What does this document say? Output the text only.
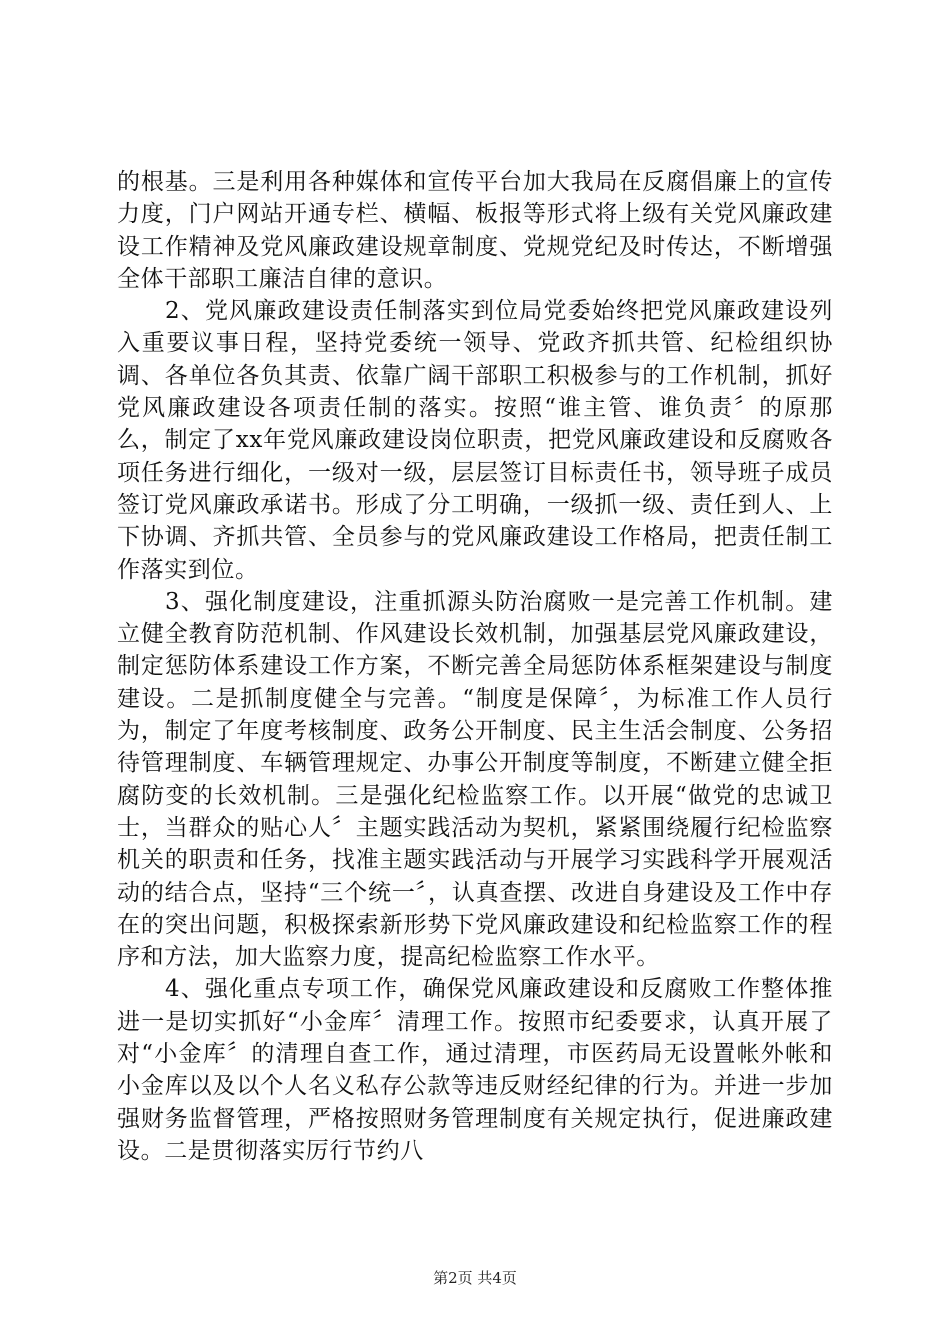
的根基。三是利用各种媒体和宣传平台加大我局在反腐倡廉上的宣传力度，门户网站开通专栏、横幅、板报等形式将上级有关党风廉政建设工作精神及党风廉政建设规章制度、党规党纪及时传达，不断增强全体干部职工廉洁自律的意识。

2、党风廉政建设责任制落实到位局党委始终把党风廉政建设列入重要议事日程，坚持党委统一领导、党政齐抓共管、纪检组织协调、各单位各负其责、依靠广阔干部职工积极参与的工作机制，抓好党风廉政建设各项责任制的落实。按照“谁主管、谁负责〞的原那么，制定了xx年党风廉政建设岗位职责，把党风廉政建设和反腐败各项任务进行细化，一级对一级，层层签订目标责任书，领导班子成员签订党风廉政承诺书。形成了分工明确，一级抓一级、责任到人、上下协调、齐抓共管、全员参与的党风廉政建设工作格局，把责任制工作落实到位。

3、强化制度建设，注重抓源头防治腐败一是完善工作机制。建立健全教育防范机制、作风建设长效机制，加强基层党风廉政建设，制定惩防体系建设工作方案，不断完善全局惩防体系框架建设与制度建设。二是抓制度健全与完善。“制度是保障〞，为标准工作人员行为，制定了年度考核制度、政务公开制度、民主生活会制度、公务招待管理制度、车辆管理规定、办事公开制度等制度，不断建立健全拒腐防变的长效机制。三是强化纪检监察工作。以开展“做党的忠诚卫士，当群众的贴心人〞主题实践活动为契机，紧紧围绕履行纪检监察机关的职责和任务，找准主题实践活动与开展学习实践科学开展观活动的结合点，坚持“三个统一〞，认真查摆、改进自身建设及工作中存在的突出问题，积极探索新形势下党风廉政建设和纪检监察工作的程序和方法，加大监察力度，提高纪检监察工作水平。

4、强化重点专项工作，确保党风廉政建设和反腐败工作整体推进一是切实抓好“小金库〞清理工作。按照市纪委要求，认真开展了对“小金库〞的清理自查工作，通过清理，市医药局无设置帐外帐和小金库以及以个人名义私存公款等违反财经纪律的行为。并进一步加强财务监督管理，严格按照财务管理制度有关规定执行，促进廉政建设。二是贯彻落实厉行节约八

第2页 共4页
